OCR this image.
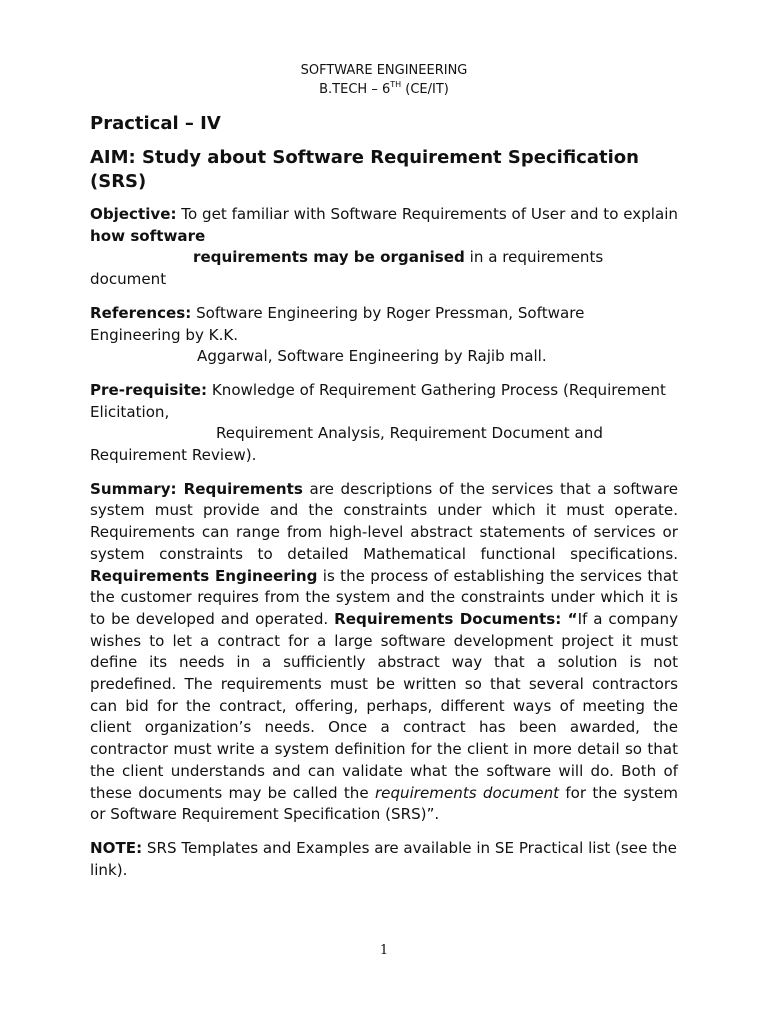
SOFTWARE ENGINEERING
B.TECH – 6TH (CE/IT)
Practical – IV
AIM: Study about Software Requirement Specification (SRS)

Objective: To get familiar with Software Requirements of User and to explain how software
requirements may be organised in a requirements
document

References: Software Engineering by Roger Pressman, Software Engineering by K.K.
Aggarwal, Software Engineering by Rajib mall.

Pre-requisite: Knowledge of Requirement Gathering Process (Requirement Elicitation,
Requirement Analysis, Requirement Document and
Requirement Review).

Summary: Requirements are descriptions of the services that a software system must provide and the constraints under which it must operate. Requirements can range from high-level abstract statements of services or system constraints to detailed Mathematical functional specifications. Requirements Engineering is the process of establishing the services that the customer requires from the system and the constraints under which it is to be developed and operated. Requirements Documents: “If a company wishes to let a contract for a large software development project it must define its needs in a sufficiently abstract way that a solution is not predefined. The requirements must be written so that several contractors can bid for the contract, offering, perhaps, different ways of meeting the client organization’s needs. Once a contract has been awarded, the contractor must write a system definition for the client in more detail so that the client understands and can validate what the software will do. Both of these documents may be called the requirements document for the system or Software Requirement Specification (SRS)”.

NOTE: SRS Templates and Examples are available in SE Practical list (see the link).

1
